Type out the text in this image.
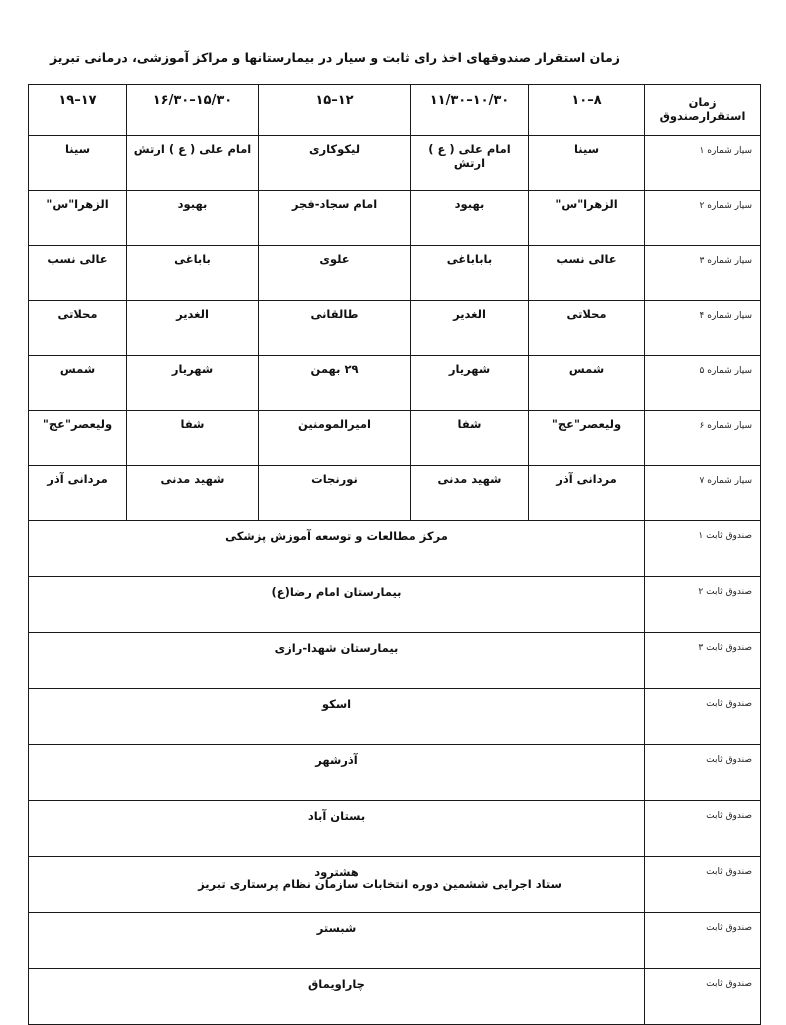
زمان استقرار صندوقهای اخذ رای ثابت و سیار در بیمارستانها و مراکز آموزشی، درمانی تبریز
زمان استقرارصندوق	۸–۱۰	۱۰/۳۰–۱۱/۳۰	۱۲–۱۵	۱۵/۳۰–۱۶/۳۰	۱۷–۱۹
سیار شماره ۱	سینا	امام علی ( ع ) ارتش	لیکوکاری	امام علی ( ع ) ارتش	سینا
سیار شماره ۲	الزهرا"س"	بهبود	امام سجاد-فجر	بهبود	الزهرا"س"
سیار شماره ۳	عالی نسب	باباباغی	علوی	باباغی	عالی نسب
سیار شماره ۴	محلاتی	الغدیر	طالقانی	الغدیر	محلاتی
سیار شماره ۵	شمس	شهریار	۲۹ بهمن	شهریار	شمس
سیار شماره ۶	ولیعصر"عج"	شفا	امیرالمومنین	شفا	ولیعصر"عج"
سیار شماره ۷	مردانی آذر	شهید مدنی	نورنجات	شهید مدنی	مردانی آذر
صندوق ثابت ۱	مرکز مطالعات و توسعه آموزش پزشکی				
صندوق ثابت ۲	بیمارستان امام رضا(ع)				
صندوق ثابت ۳	بیمارستان شهدا-رازی				
صندوق ثابت	اسکو				
صندوق ثابت	آذرشهر				
صندوق ثابت	بستان آباد				
صندوق ثابت	هشترود				
صندوق ثابت	شبستر				
صندوق ثابت	چاراویماق				
ستاد اجرایی ششمین دوره انتخابات سازمان نظام پرستاری تبریز
